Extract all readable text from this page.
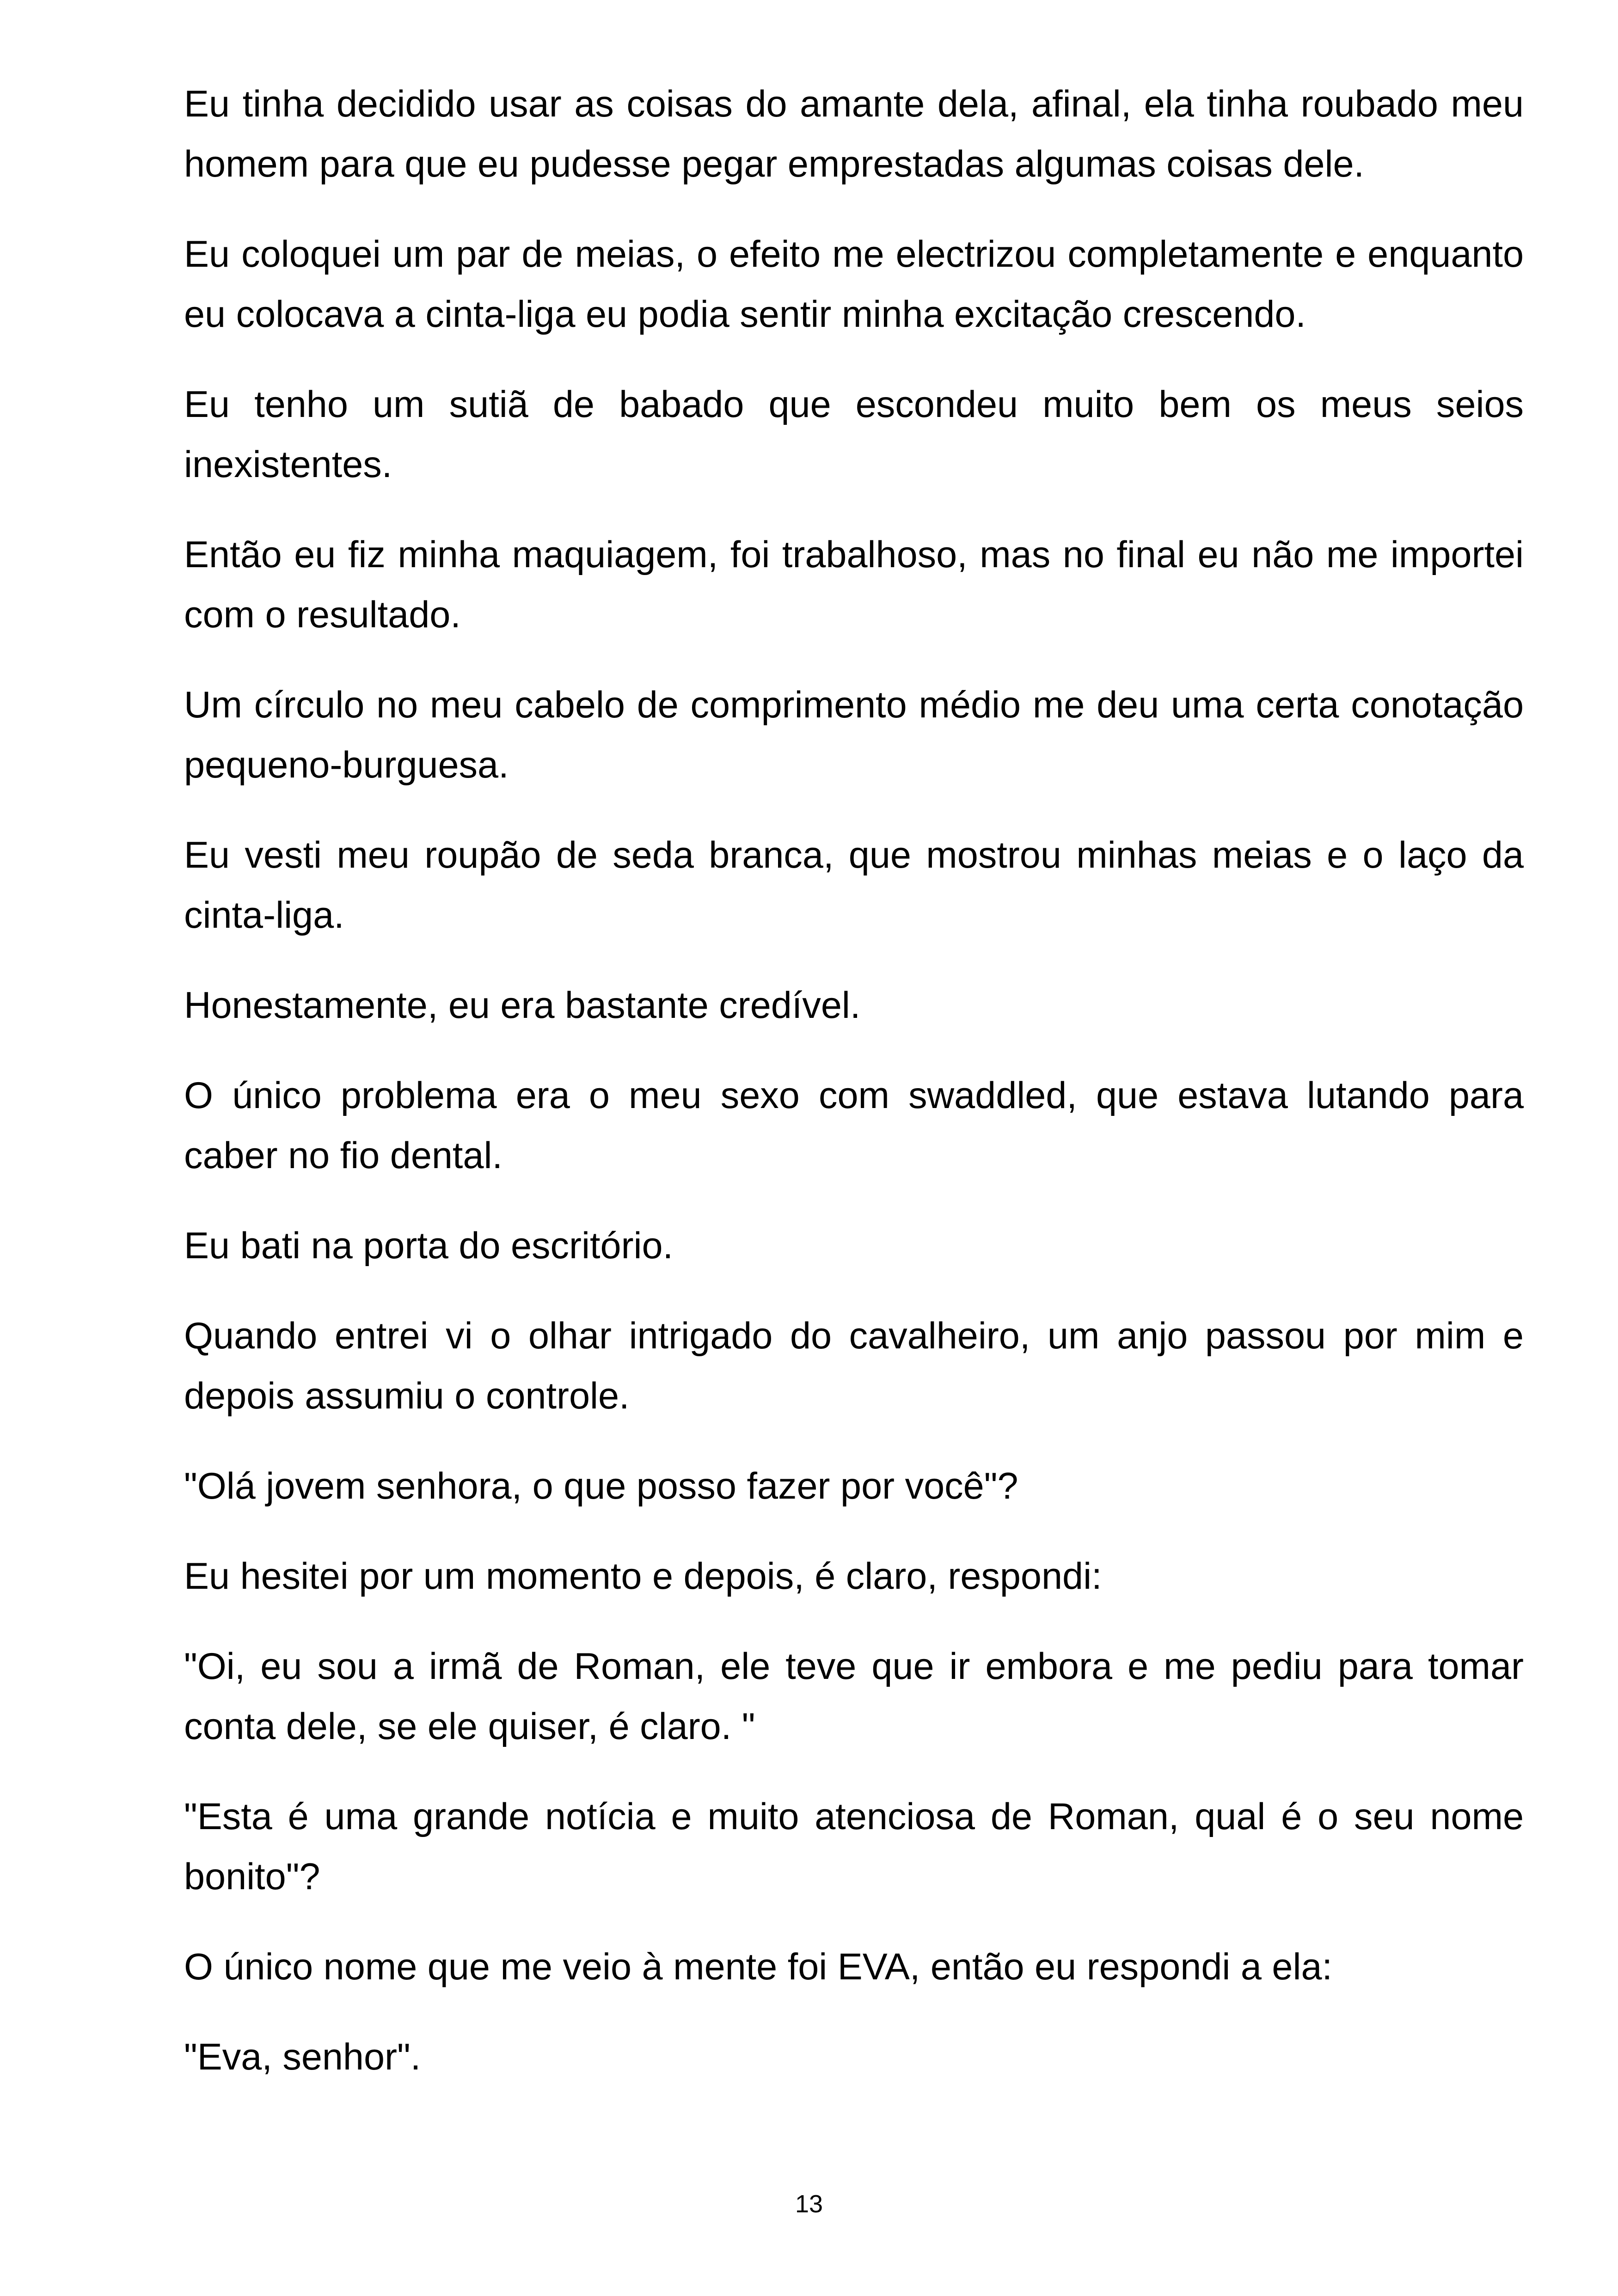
Eu tinha decidido usar as coisas do amante dela, afinal, ela tinha roubado meu homem para que eu pudesse pegar emprestadas algumas coisas dele.

Eu coloquei um par de meias, o efeito me electrizou completamente e enquanto eu colocava a cinta-liga eu podia sentir minha excitação crescendo.

Eu tenho um sutiã de babado que escondeu muito bem os meus seios inexistentes.

Então eu fiz minha maquiagem, foi trabalhoso, mas no final eu não me importei com o resultado.

Um círculo no meu cabelo de comprimento médio me deu uma certa conotação pequeno-burguesa.

Eu vesti meu roupão de seda branca, que mostrou minhas meias e o laço da cinta-liga.

Honestamente, eu era bastante credível.

O único problema era o meu sexo com swaddled, que estava lutando para caber no fio dental.

Eu bati na porta do escritório.

Quando entrei vi o olhar intrigado do cavalheiro, um anjo passou por mim e depois assumiu o controle.

"Olá jovem senhora, o que posso fazer por você"?

Eu hesitei por um momento e depois, é claro, respondi:

"Oi, eu sou a irmã de Roman, ele teve que ir embora e me pediu para tomar conta dele, se ele quiser, é claro. "

"Esta é uma grande notícia e muito atenciosa de Roman, qual é o seu nome bonito"?

O único nome que me veio à mente foi EVA, então eu respondi a ela:

"Eva, senhor".

13
